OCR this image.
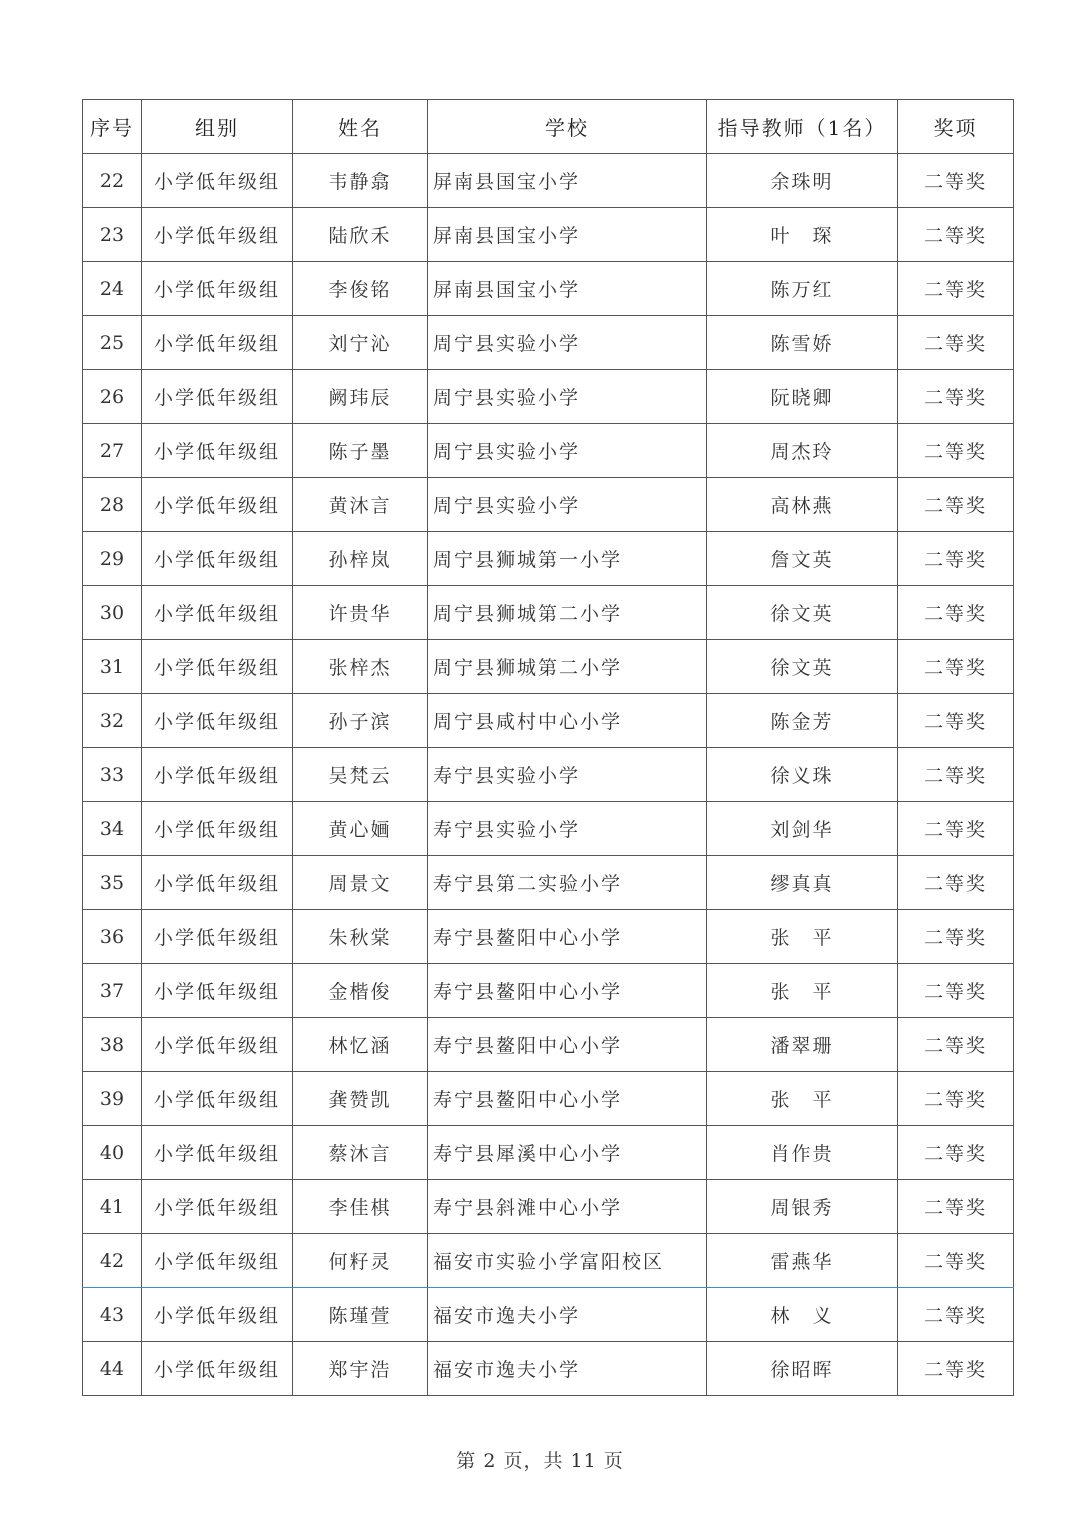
序号	组别	姓名	学校	指导教师（1名）	奖项
22	小学低年级组	韦静翕	屏南县国宝小学	余珠明	二等奖
23	小学低年级组	陆欣禾	屏南县国宝小学	叶　琛	二等奖
24	小学低年级组	李俊铭	屏南县国宝小学	陈万红	二等奖
25	小学低年级组	刘宁沁	周宁县实验小学	陈雪娇	二等奖
26	小学低年级组	阙玮辰	周宁县实验小学	阮晓卿	二等奖
27	小学低年级组	陈子墨	周宁县实验小学	周杰玲	二等奖
28	小学低年级组	黄沐言	周宁县实验小学	高林燕	二等奖
29	小学低年级组	孙梓岚	周宁县狮城第一小学	詹文英	二等奖
30	小学低年级组	许贵华	周宁县狮城第二小学	徐文英	二等奖
31	小学低年级组	张梓杰	周宁县狮城第二小学	徐文英	二等奖
32	小学低年级组	孙子滨	周宁县咸村中心小学	陈金芳	二等奖
33	小学低年级组	吴梵云	寿宁县实验小学	徐义珠	二等奖
34	小学低年级组	黄心婳	寿宁县实验小学	刘剑华	二等奖
35	小学低年级组	周景文	寿宁县第二实验小学	缪真真	二等奖
36	小学低年级组	朱秋棠	寿宁县鳌阳中心小学	张　平	二等奖
37	小学低年级组	金楷俊	寿宁县鳌阳中心小学	张　平	二等奖
38	小学低年级组	林忆涵	寿宁县鳌阳中心小学	潘翠珊	二等奖
39	小学低年级组	龚赞凯	寿宁县鳌阳中心小学	张　平	二等奖
40	小学低年级组	蔡沐言	寿宁县犀溪中心小学	肖作贵	二等奖
41	小学低年级组	李佳棋	寿宁县斜滩中心小学	周银秀	二等奖
42	小学低年级组	何籽灵	福安市实验小学富阳校区	雷燕华	二等奖
43	小学低年级组	陈瑾萱	福安市逸夫小学	林　义	二等奖
44	小学低年级组	郑宇浩	福安市逸夫小学	徐昭晖	二等奖
第 2 页，共 11 页
